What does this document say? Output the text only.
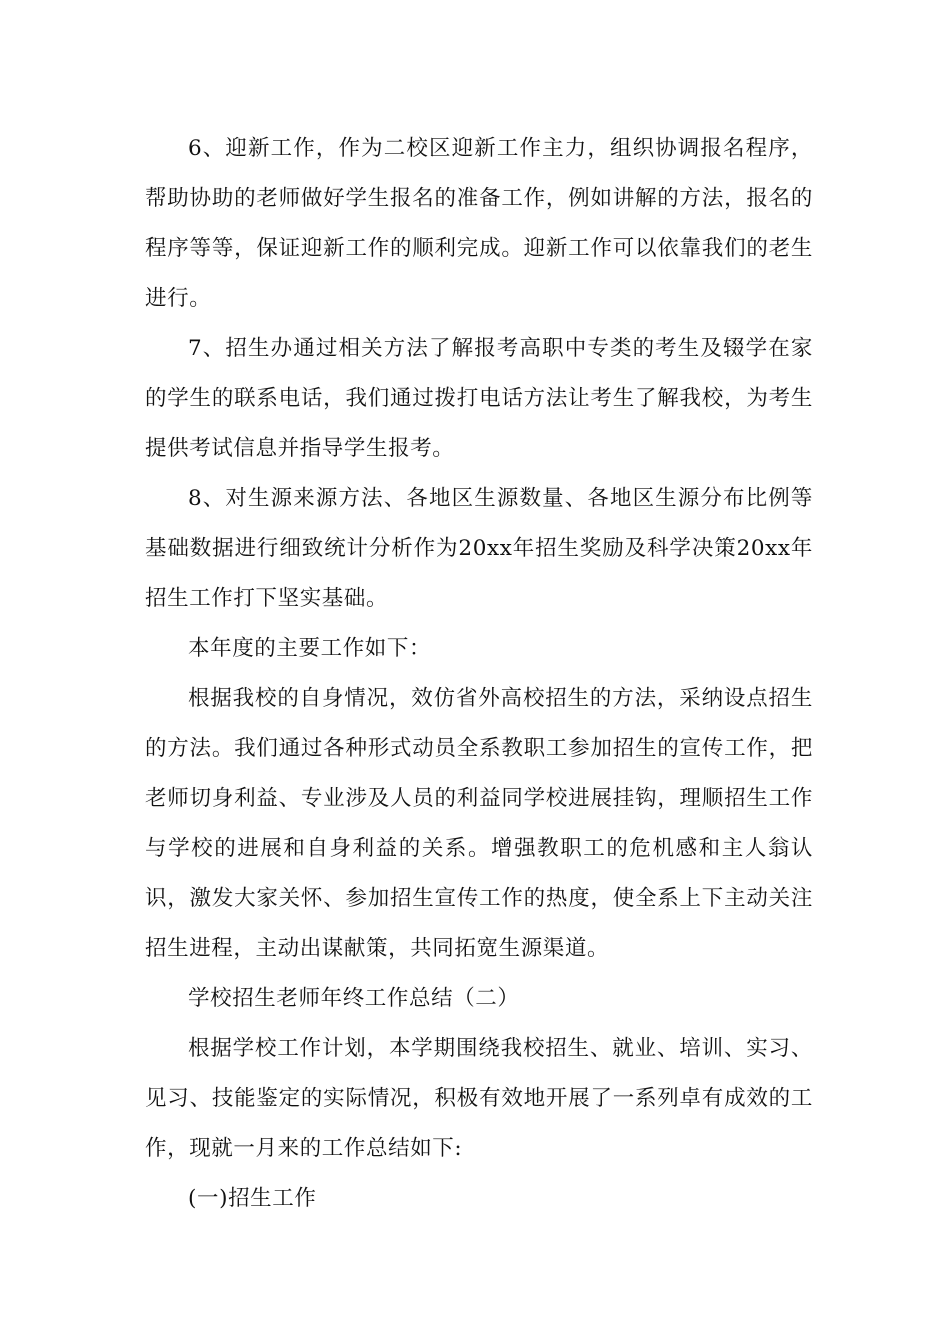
6、迎新工作，作为二校区迎新工作主力，组织协调报名程序，帮助协助的老师做好学生报名的准备工作，例如讲解的方法，报名的程序等等，保证迎新工作的顺利完成。迎新工作可以依靠我们的老生进行。

7、招生办通过相关方法了解报考高职中专类的考生及辍学在家的学生的联系电话，我们通过拨打电话方法让考生了解我校，为考生提供考试信息并指导学生报考。

8、对生源来源方法、各地区生源数量、各地区生源分布比例等基础数据进行细致统计分析作为20xx年招生奖励及科学决策20xx年招生工作打下坚实基础。

本年度的主要工作如下：

根据我校的自身情况，效仿省外高校招生的方法，采纳设点招生的方法。我们通过各种形式动员全系教职工参加招生的宣传工作，把老师切身利益、专业涉及人员的利益同学校进展挂钩，理顺招生工作与学校的进展和自身利益的关系。增强教职工的危机感和主人翁认识，激发大家关怀、参加招生宣传工作的热度，使全系上下主动关注招生进程，主动出谋献策，共同拓宽生源渠道。

学校招生老师年终工作总结（二）

根据学校工作计划，本学期围绕我校招生、就业、培训、实习、见习、技能鉴定的实际情况，积极有效地开展了一系列卓有成效的工作，现就一月来的工作总结如下:

(一)招生工作
